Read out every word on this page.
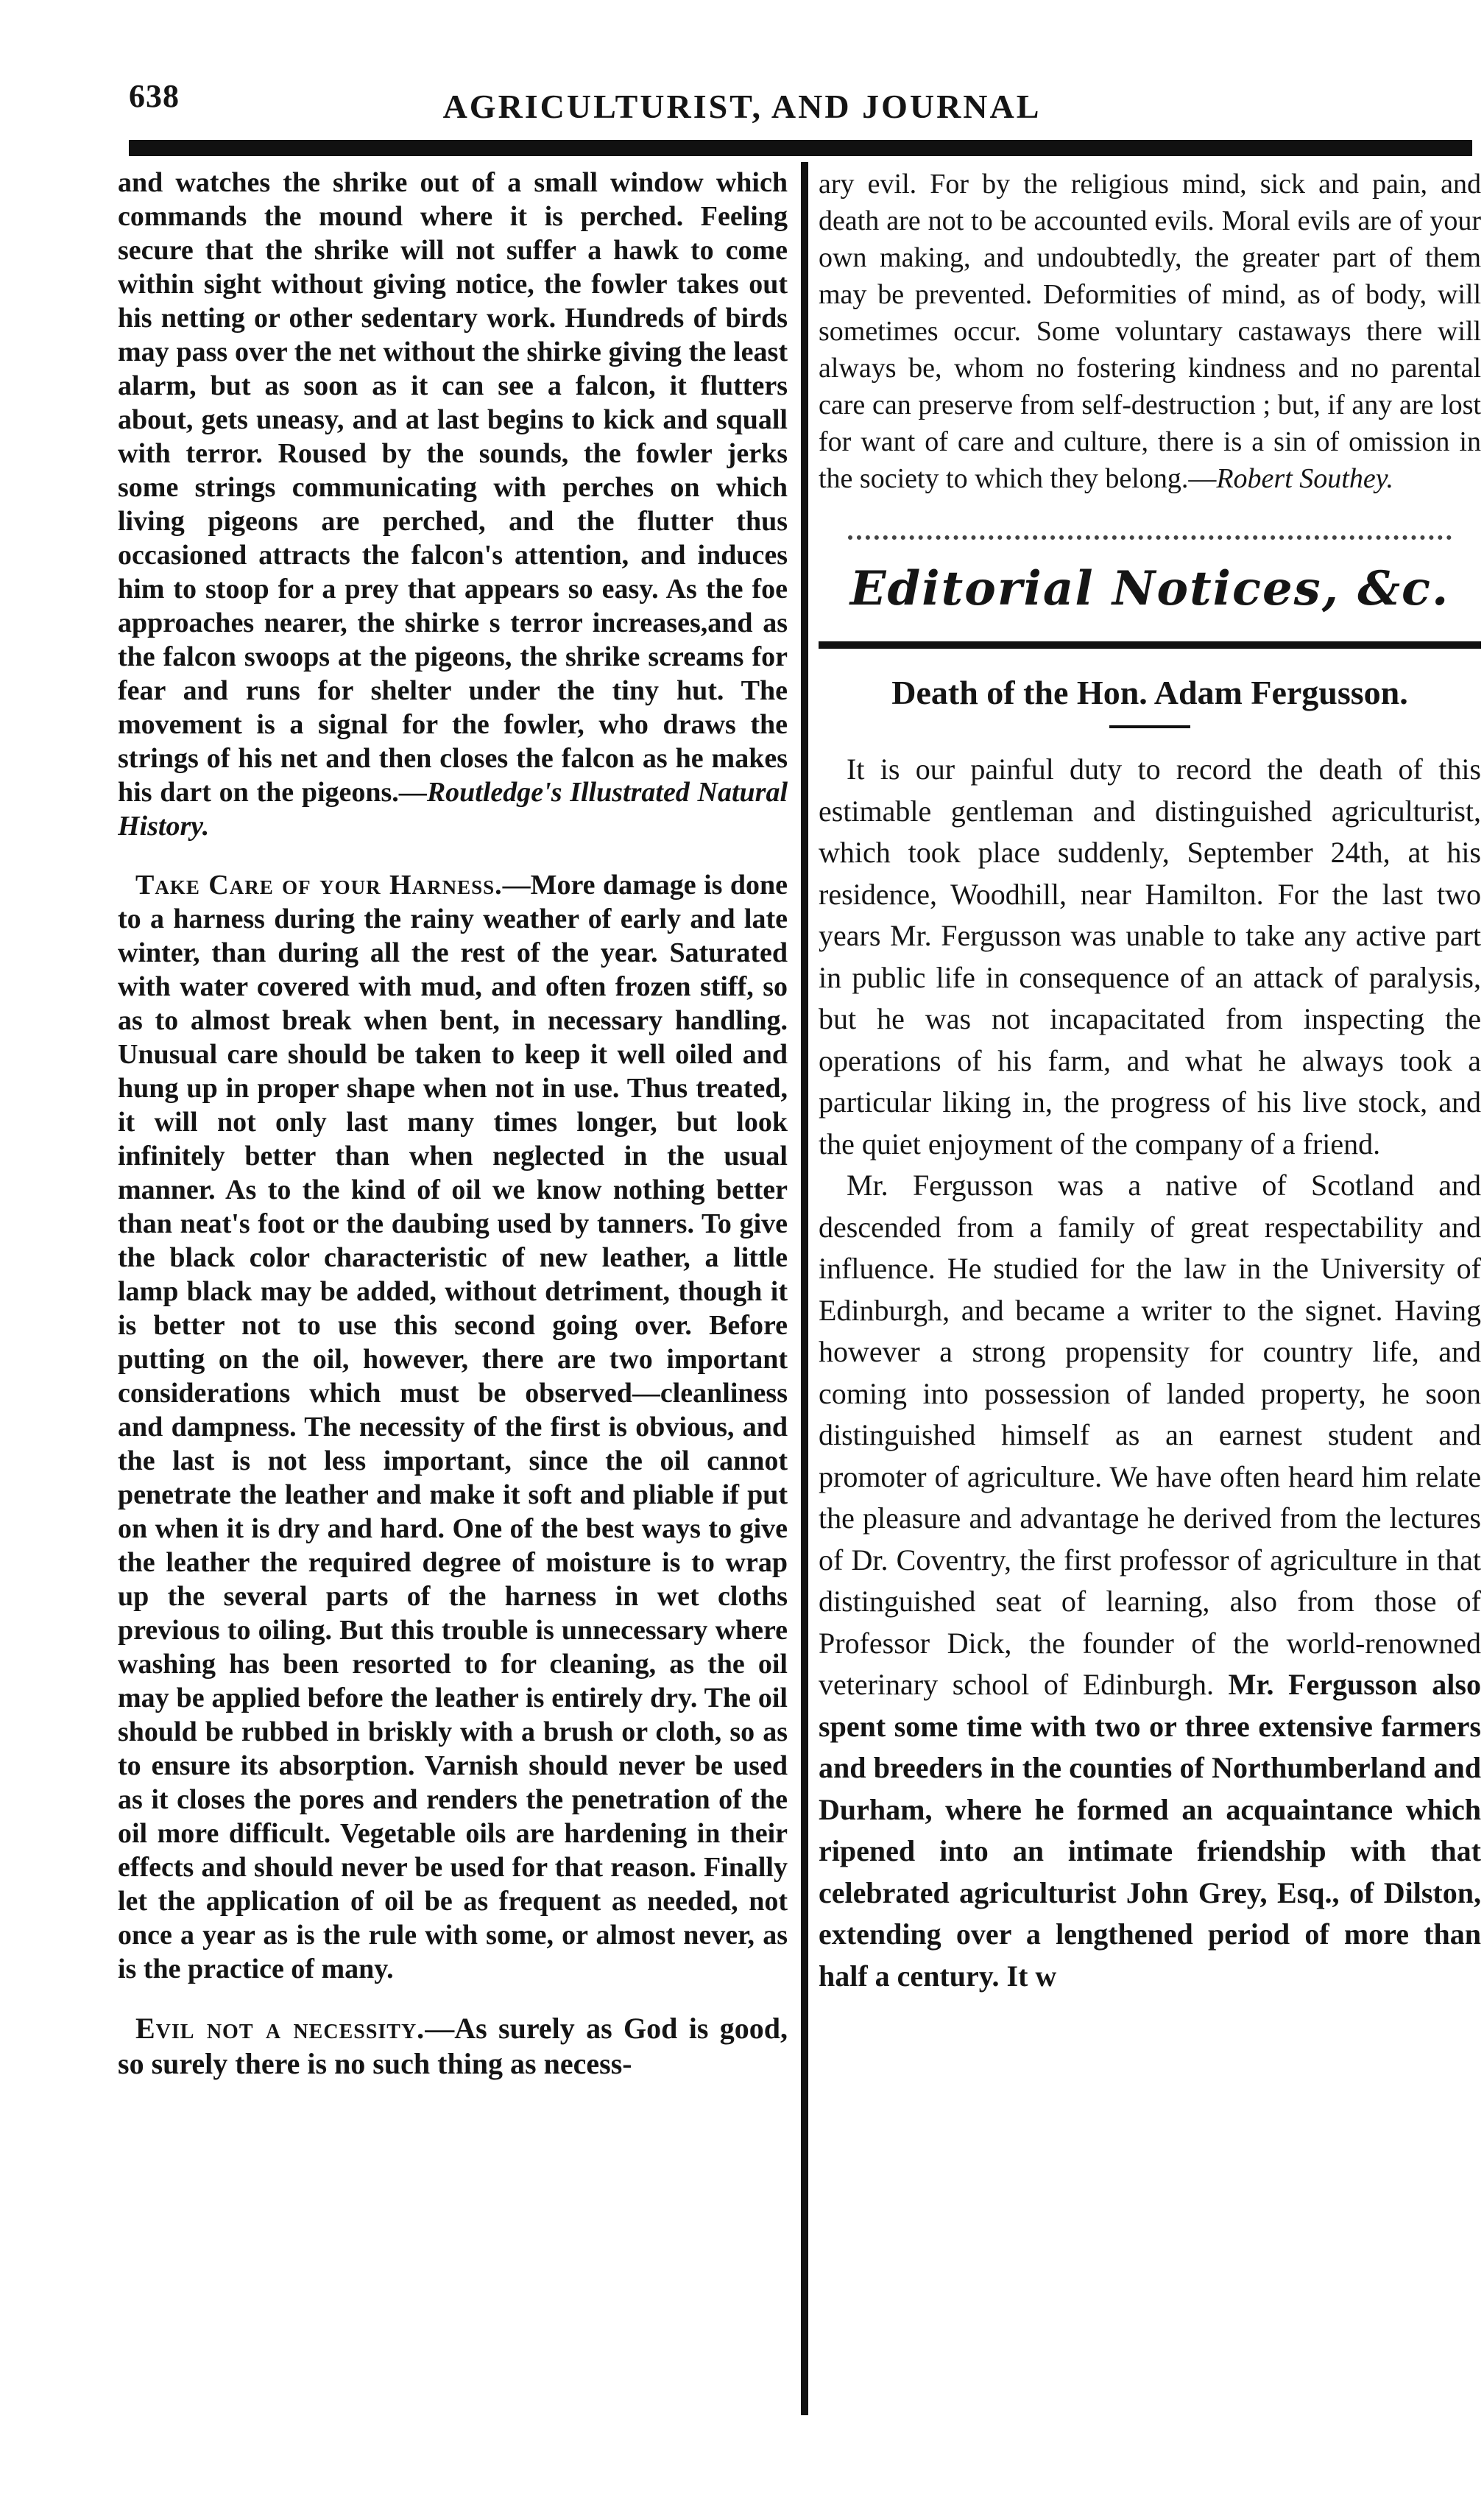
638	AGRICULTURIST, AND JOURNAL

and watches the shrike out of a small window which commands the mound where it is perched. Feeling secure that the shrike will not suffer a hawk to come within sight without giving notice, the fowler takes out his netting or other sedentary work. Hundreds of birds may pass over the net without the shirke giving the least alarm, but as soon as it can see a falcon, it flutters about, gets uneasy, and at last begins to kick and squall with terror. Roused by the sounds, the fowler jerks some strings communicating with perches on which living pigeons are perched, and the flutter thus occasioned attracts the falcon's attention, and induces him to stoop for a prey that appears so easy. As the foe approaches nearer, the shirke s terror increases,and as the falcon swoops at the pigeons, the shrike screams for fear and runs for shelter under the tiny hut. The movement is a signal for the fowler, who draws the strings of his net and then closes the falcon as he makes his dart on the pigeons.—Routledge's Illustrated Natural History.

Take Care of your Harness.—More damage is done to a harness during the rainy weather of early and late winter, than during all the rest of the year. Saturated with water covered with mud, and often frozen stiff, so as to almost break when bent, in necessary handling. Unusual care should be taken to keep it well oiled and hung up in proper shape when not in use. Thus treated, it will not only last many times longer, but look infinitely better than when neglected in the usual manner. As to the kind of oil we know nothing better than neat's foot or the daubing used by tanners. To give the black color characteristic of new leather, a little lamp black may be added, without detriment, though it is better not to use this second going over. Before putting on the oil, however, there are two important considerations which must be observed—cleanliness and dampness. The necessity of the first is obvious, and the last is not less important, since the oil cannot penetrate the leather and make it soft and pliable if put on when it is dry and hard. One of the best ways to give the leather the required degree of moisture is to wrap up the several parts of the harness in wet cloths previous to oiling. But this trouble is unnecessary where washing has been resorted to for cleaning, as the oil may be applied before the leather is entirely dry. The oil should be rubbed in briskly with a brush or cloth, so as to ensure its absorption. Varnish should never be used as it closes the pores and renders the penetration of the oil more difficult. Vegetable oils are hardening in their effects and should never be used for that reason. Finally let the application of oil be as frequent as needed, not once a year as is the rule with some, or almost never, as is the practice of many.

Evil not a necessity.—As surely as God is good, so surely there is no such thing as necess-

ary evil. For by the religious mind, sick and pain, and death are not to be accounted evils. Moral evils are of your own making, and undoubtedly, the greater part of them may be prevented. Deformities of mind, as of body, will sometimes occur. Some voluntary castaways there will always be, whom no fostering kindness and no parental care can preserve from self-destruction ; but, if any are lost for want of care and culture, there is a sin of omission in the society to which they belong.—Robert Southey.

Editorial Notices, &c.
Death of the Hon. Adam Fergusson.

It is our painful duty to record the death of this estimable gentleman and distinguished agriculturist, which took place suddenly, September 24th, at his residence, Woodhill, near Hamilton. For the last two years Mr. Fergusson was unable to take any active part in public life in consequence of an attack of paralysis, but he was not incapacitated from inspecting the operations of his farm, and what he always took a particular liking in, the progress of his live stock, and the quiet enjoyment of the company of a friend.

Mr. Fergusson was a native of Scotland and descended from a family of great respectability and influence. He studied for the law in the University of Edinburgh, and became a writer to the signet. Having however a strong propensity for country life, and coming into possession of landed property, he soon distinguished himself as an earnest student and promoter of agriculture. We have often heard him relate the pleasure and advantage he derived from the lectures of Dr. Coventry, the first professor of agriculture in that distinguished seat of learning, also from those of Professor Dick, the founder of the world-renowned veterinary school of Edinburgh. Mr. Fergusson also spent some time with two or three extensive farmers and breeders in the counties of Northumberland and Durham, where he formed an acquaintance which ripened into an intimate friendship with that celebrated agriculturist John Grey, Esq., of Dilston, extending over a lengthened period of more than half a century. It w
